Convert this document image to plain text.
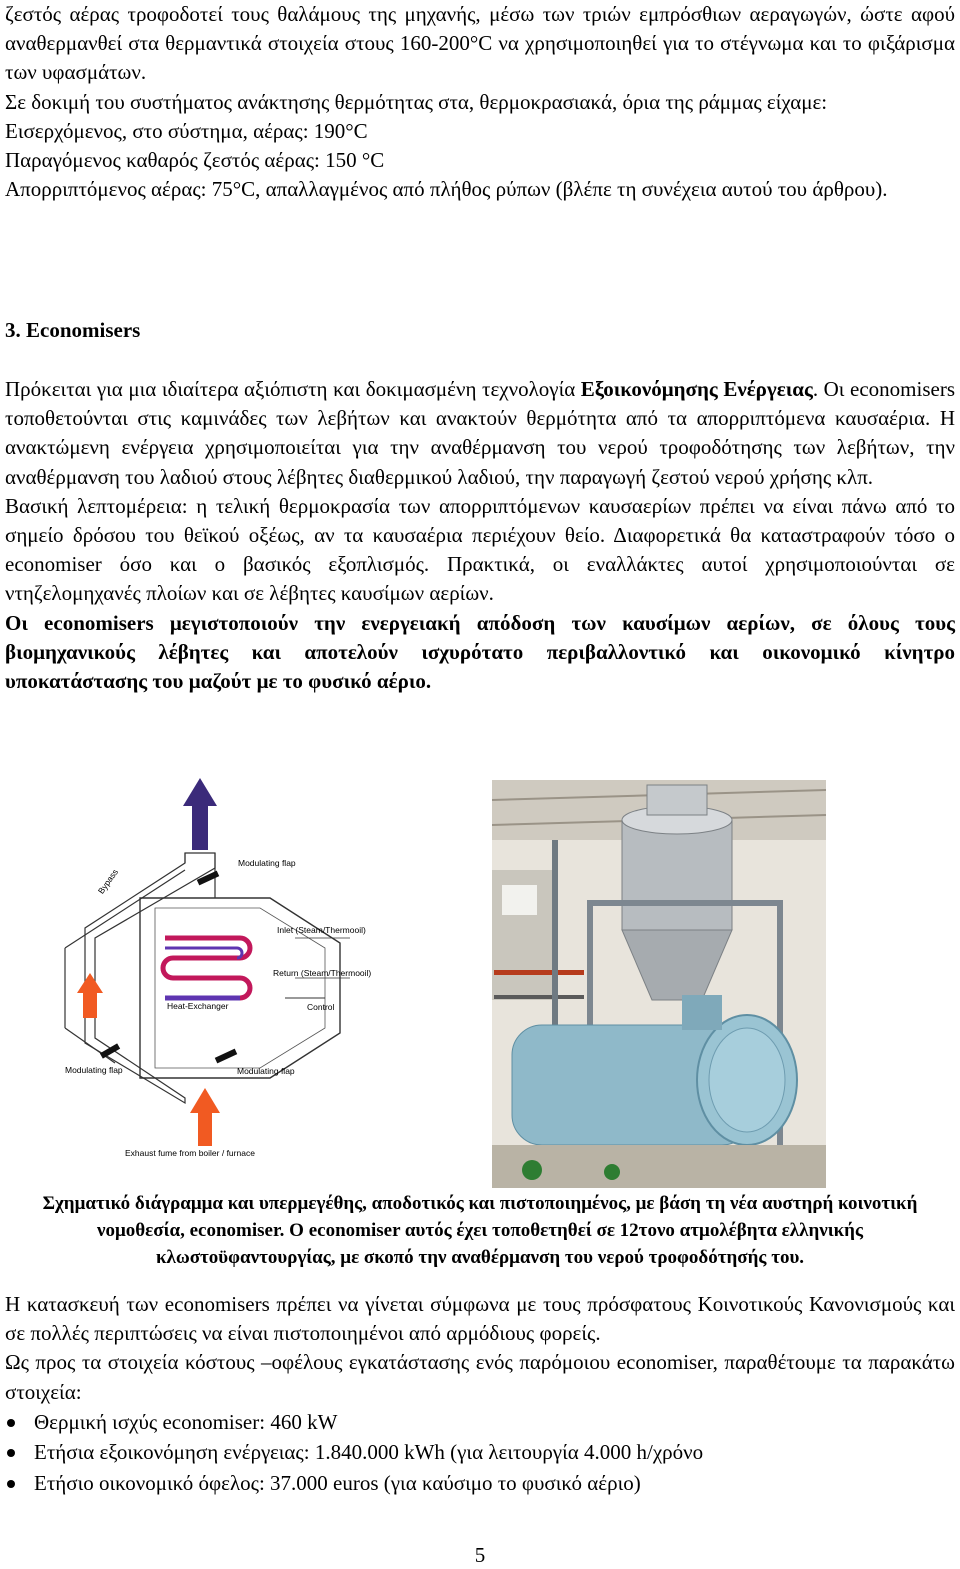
ζεστός αέρας τροφοδοτεί τους θαλάμους της μηχανής, μέσω των τριών εμπρόσθιων αεραγωγών, ώστε αφού αναθερμανθεί στα θερμαντικά στοιχεία στους 160-200°C να χρησιμοποιηθεί για το στέγνωμα και το φιξάρισμα των υφασμάτων.

Σε δοκιμή του συστήματος ανάκτησης θερμότητας στα, θερμοκρασιακά, όρια της ράμμας είχαμε:

Εισερχόμενος, στο σύστημα, αέρας: 190°C

Παραγόμενος καθαρός ζεστός αέρας: 150 °C

Απορριπτόμενος αέρας: 75°C, απαλλαγμένος από πλήθος ρύπων (βλέπε τη συνέχεια αυτού του άρθρου).

3. Economisers

Πρόκειται για μια ιδιαίτερα αξιόπιστη και δοκιμασμένη τεχνολογία Εξοικονόμησης Ενέργειας. Οι economisers τοποθετούνται στις καμινάδες των λεβήτων και ανακτούν θερμότητα από τα απορριπτόμενα καυσαέρια. Η ανακτώμενη ενέργεια χρησιμοποιείται για την αναθέρμανση του νερού τροφοδότησης των λεβήτων, την αναθέρμανση του λαδιού στους λέβητες διαθερμικού λαδιού, την παραγωγή ζεστού νερού χρήσης κλπ.

Βασική λεπτομέρεια: η τελική θερμοκρασία των απορριπτόμενων καυσαερίων πρέπει να είναι πάνω από το σημείο δρόσου του θεϊκού οξέως, αν τα καυσαέρια περιέχουν θείο. Διαφορετικά θα καταστραφούν τόσο ο economiser όσο και ο βασικός εξοπλισμός. Πρακτικά, οι εναλλάκτες αυτοί χρησιμοποιούνται σε ντηζελομηχανές πλοίων και σε λέβητες καυσίμων αερίων.

Οι economisers μεγιστοποιούν την ενεργειακή απόδοση των καυσίμων αερίων, σε όλους τους βιομηχανικούς λέβητες και αποτελούν ισχυρότατο περιβαλλοντικό και οικονομικό κίνητρο υποκατάστασης του μαζούτ με το φυσικό αέριο.

Bypass
Modulating flap
Inlet (Steam/Thermooil)
Return (Steam/Thermooil)
Heat-Exchanger	Control
Modulating flap	Modulating flap
Exhaust fume from boiler / furnace
Σχηματικό διάγραμμα και υπερμεγέθης, αποδοτικός και πιστοποιημένος, με βάση τη νέα αυστηρή κοινοτική νομοθεσία, economiser. Ο economiser αυτός έχει τοποθετηθεί σε 12τονο ατμολέβητα ελληνικής κλωστοϋφαντουργίας, με σκοπό την αναθέρμανση του νερού τροφοδότησής του.

Η κατασκευή των economisers πρέπει να γίνεται σύμφωνα με τους πρόσφατους Κοινοτικούς Κανονισμούς και σε πολλές περιπτώσεις να είναι πιστοποιημένοι από αρμόδιους φορείς.

Ως προς τα στοιχεία κόστους –οφέλους εγκατάστασης ενός παρόμοιου economiser, παραθέτουμε τα παρακάτω στοιχεία:

Θερμική ισχύς economiser: 460 kW
Ετήσια εξοικονόμηση ενέργειας: 1.840.000 kWh (για λειτουργία 4.000 h/χρόνο
Ετήσιο οικονομικό όφελος: 37.000 euros (για καύσιμο το φυσικό αέριο)
5
